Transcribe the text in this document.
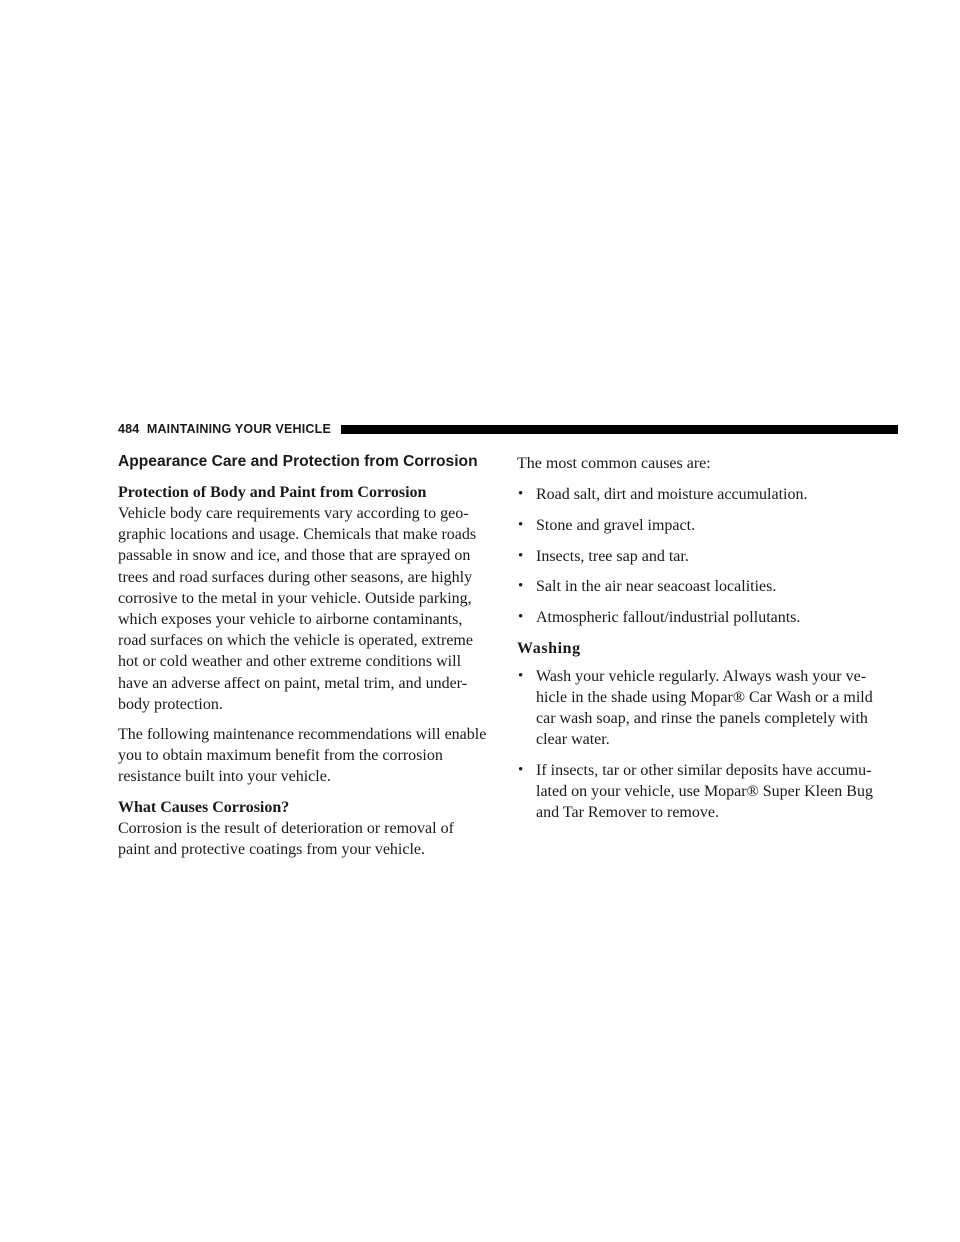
484 MAINTAINING YOUR VEHICLE
Appearance Care and Protection from Corrosion

Protection of Body and Paint from Corrosion

Vehicle body care requirements vary according to geo-
graphic locations and usage. Chemicals that make roads
passable in snow and ice, and those that are sprayed on
trees and road surfaces during other seasons, are highly
corrosive to the metal in your vehicle. Outside parking,
which exposes your vehicle to airborne contaminants,
road surfaces on which the vehicle is operated, extreme
hot or cold weather and other extreme conditions will
have an adverse affect on paint, metal trim, and under-
body protection.

The following maintenance recommendations will enable
you to obtain maximum benefit from the corrosion
resistance built into your vehicle.

What Causes Corrosion?

Corrosion is the result of deterioration or removal of
paint and protective coatings from your vehicle.

The most common causes are:

• Road salt, dirt and moisture accumulation.
• Stone and gravel impact.
• Insects, tree sap and tar.
• Salt in the air near seacoast localities.
• Atmospheric fallout/industrial pollutants.

Washing

• Wash your vehicle regularly. Always wash your ve-
hicle in the shade using Mopar® Car Wash or a mild
car wash soap, and rinse the panels completely with
clear water.
• If insects, tar or other similar deposits have accumu-
lated on your vehicle, use Mopar® Super Kleen Bug
and Tar Remover to remove.
